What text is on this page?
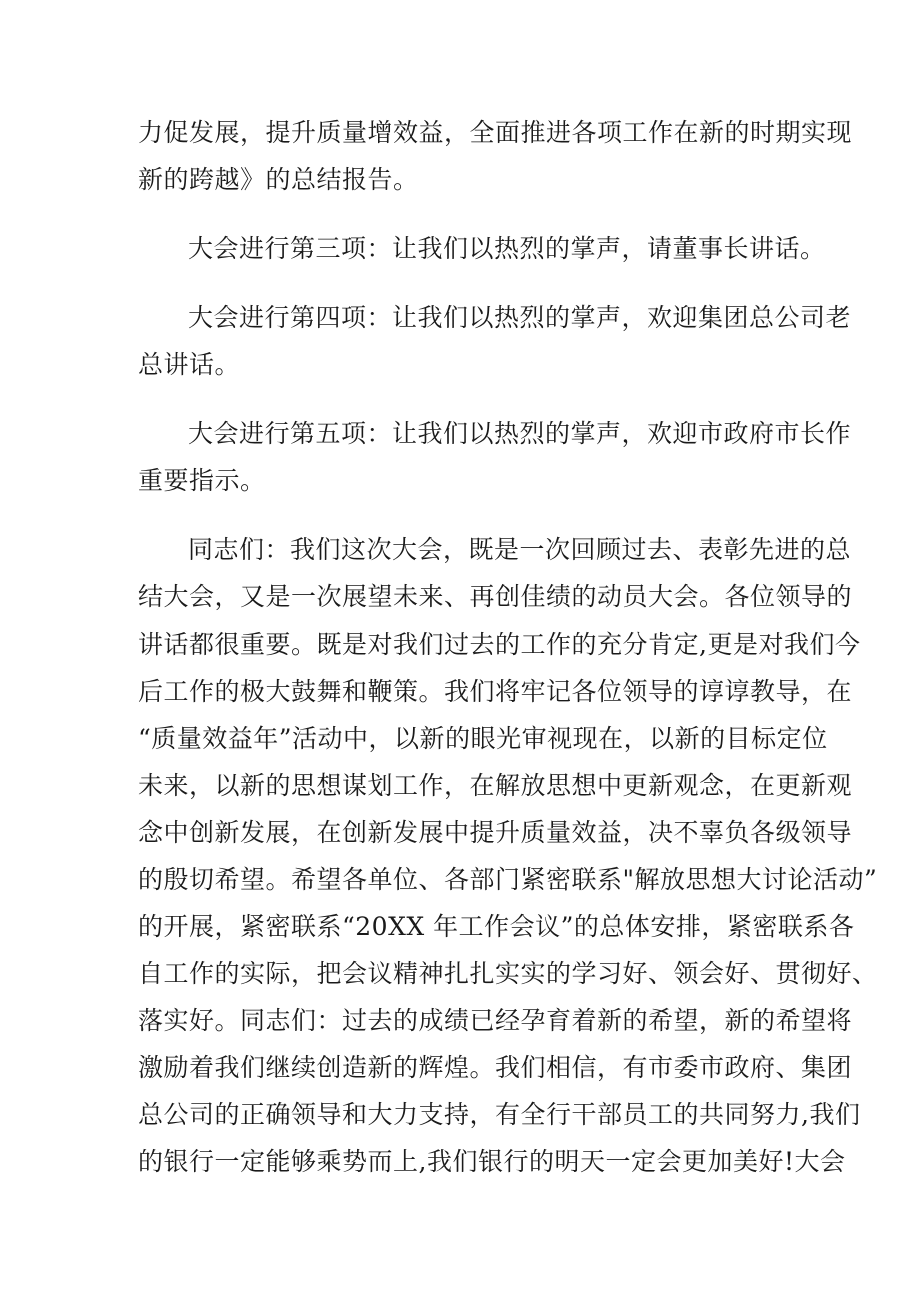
力促发展，提升质量增效益，全面推进各项工作在新的时期实现
新的跨越》的总结报告。
大会进行第三项：让我们以热烈的掌声，请董事长讲话。
大会进行第四项：让我们以热烈的掌声，欢迎集团总公司老
总讲话。
大会进行第五项：让我们以热烈的掌声，欢迎市政府市长作
重要指示。
同志们：我们这次大会，既是一次回顾过去、表彰先进的总
结大会，又是一次展望未来、再创佳绩的动员大会。各位领导的
讲话都很重要。既是对我们过去的工作的充分肯定,更是对我们今
后工作的极大鼓舞和鞭策。我们将牢记各位领导的谆谆教导，在
“质量效益年”活动中，以新的眼光审视现在，以新的目标定位
未来，以新的思想谋划工作，在解放思想中更新观念，在更新观
念中创新发展，在创新发展中提升质量效益，决不辜负各级领导
的殷切希望。希望各单位、各部门紧密联系"解放思想大讨论活动”
的开展，紧密联系“20XX 年工作会议”的总体安排，紧密联系各
自工作的实际，把会议精神扎扎实实的学习好、领会好、贯彻好、
落实好。同志们：过去的成绩已经孕育着新的希望，新的希望将
激励着我们继续创造新的辉煌。我们相信，有市委市政府、集团
总公司的正确领导和大力支持，有全行干部员工的共同努力,我们
的银行一定能够乘势而上,我们银行的明天一定会更加美好!大会
